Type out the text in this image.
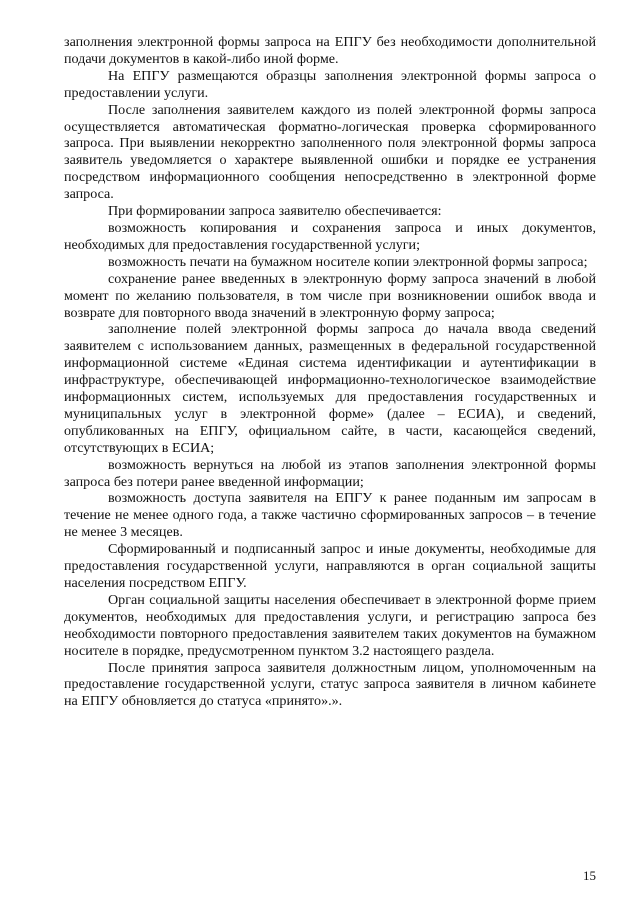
заполнения электронной формы запроса на ЕПГУ без необходимости дополнительной подачи документов в какой-либо иной форме.

На ЕПГУ размещаются образцы заполнения электронной формы запроса о предоставлении услуги.

После заполнения заявителем каждого из полей электронной формы запроса осуществляется автоматическая форматно-логическая проверка сформированного запроса. При выявлении некорректно заполненного поля электронной формы запроса заявитель уведомляется о характере выявленной ошибки и порядке ее устранения посредством информационного сообщения непосредственно в электронной форме запроса.

При формировании запроса заявителю обеспечивается:

возможность копирования и сохранения запроса и иных документов, необходимых для предоставления государственной услуги;

возможность печати на бумажном носителе копии электронной формы запроса;

сохранение ранее введенных в электронную форму запроса значений в любой момент по желанию пользователя, в том числе при возникновении ошибок ввода и возврате для повторного ввода значений в электронную форму запроса;

заполнение полей электронной формы запроса до начала ввода сведений заявителем с использованием данных, размещенных в федеральной государственной информационной системе «Единая система идентификации и аутентификации в инфраструктуре, обеспечивающей информационно-технологическое взаимодействие информационных систем, используемых для предоставления государственных и муниципальных услуг в электронной форме» (далее – ЕСИА), и сведений, опубликованных на ЕПГУ, официальном сайте, в части, касающейся сведений, отсутствующих в ЕСИА;

возможность вернуться на любой из этапов заполнения электронной формы запроса без потери ранее введенной информации;

возможность доступа заявителя на ЕПГУ к ранее поданным им запросам в течение не менее одного года, а также частично сформированных запросов – в течение не менее 3 месяцев.

Сформированный и подписанный запрос и иные документы, необходимые для предоставления государственной услуги, направляются в орган социальной защиты населения посредством ЕПГУ.

Орган социальной защиты населения обеспечивает в электронной форме прием документов, необходимых для предоставления услуги, и регистрацию запроса без необходимости повторного предоставления заявителем таких документов на бумажном носителе в порядке, предусмотренном пунктом 3.2 настоящего раздела.

После принятия запроса заявителя должностным лицом, уполномоченным на предоставление государственной услуги, статус запроса заявителя в личном кабинете на ЕПГУ обновляется до статуса «принято».».

15
